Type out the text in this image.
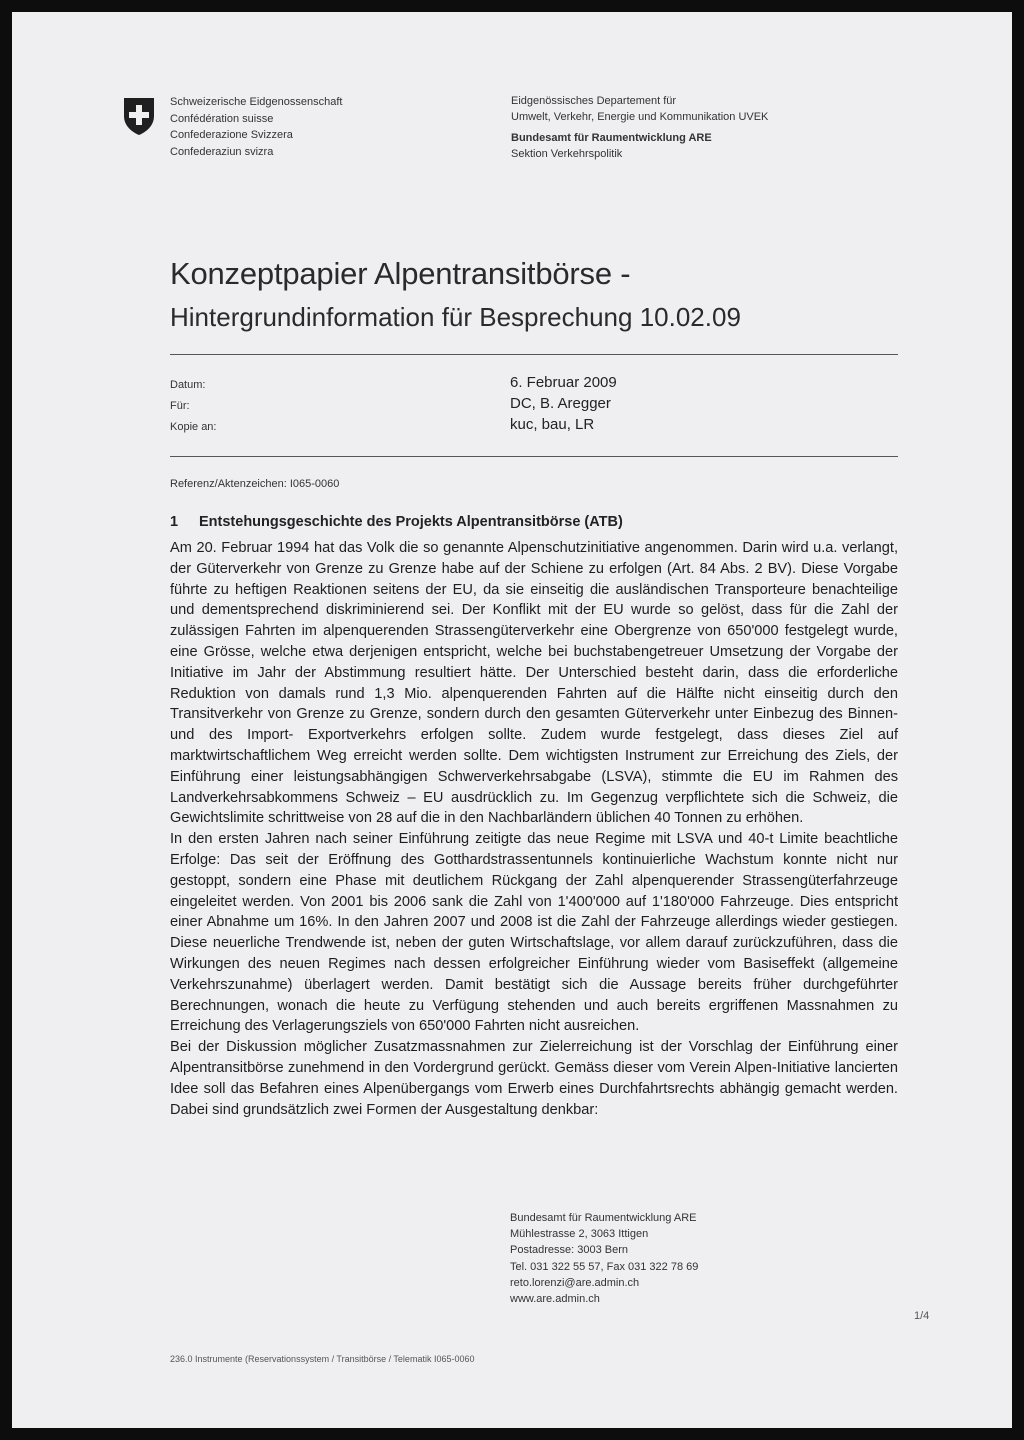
Schweizerische Eidgenossenschaft
Confédération suisse
Confederazione Svizzera
Confederaziun svizra
Eidgenössisches Departement für
Umwelt, Verkehr, Energie und Kommunikation UVEK
Bundesamt für Raumentwicklung ARE
Sektion Verkehrspolitik
Konzeptpapier Alpentransitbörse -
Hintergrundinformation für Besprechung 10.02.09
Datum:	6. Februar 2009
Für:	DC, B. Aregger
Kopie an:	kuc, bau, LR
Referenz/Aktenzeichen: I065-0060
1 Entstehungsgeschichte des Projekts Alpentransitbörse (ATB)

Am 20. Februar 1994 hat das Volk die so genannte Alpenschutzinitiative angenommen. Darin wird u.a. verlangt, der Güterverkehr von Grenze zu Grenze habe auf der Schiene zu erfolgen (Art. 84 Abs. 2 BV). Diese Vorgabe führte zu heftigen Reaktionen seitens der EU, da sie einseitig die ausländischen Transporteure benachteilige und dementsprechend diskriminierend sei. Der Konflikt mit der EU wurde so gelöst, dass für die Zahl der zulässigen Fahrten im alpenquerenden Strassengüterverkehr eine Obergrenze von 650'000 festgelegt wurde, eine Grösse, welche etwa derjenigen entspricht, welche bei buchstabengetreuer Umsetzung der Vorgabe der Initiative im Jahr der Abstimmung resultiert hätte. Der Unterschied besteht darin, dass die erforderliche Reduktion von damals rund 1,3 Mio. alpenquerenden Fahrten auf die Hälfte nicht einseitig durch den Transitverkehr von Grenze zu Grenze, sondern durch den gesamten Güterverkehr unter Einbezug des Binnen- und des Import- Exportverkehrs erfolgen sollte. Zudem wurde festgelegt, dass dieses Ziel auf marktwirtschaftlichem Weg erreicht werden sollte. Dem wichtigsten Instrument zur Erreichung des Ziels, der Einführung einer leistungsabhängigen Schwerverkehrsabgabe (LSVA), stimmte die EU im Rahmen des Landverkehrsabkommens Schweiz – EU ausdrücklich zu. Im Gegenzug verpflichtete sich die Schweiz, die Gewichtslimite schrittweise von 28 auf die in den Nachbarländern üblichen 40 Tonnen zu erhöhen.

In den ersten Jahren nach seiner Einführung zeitigte das neue Regime mit LSVA und 40-t Limite beachtliche Erfolge: Das seit der Eröffnung des Gotthardstrassentunnels kontinuierliche Wachstum konnte nicht nur gestoppt, sondern eine Phase mit deutlichem Rückgang der Zahl alpenquerender Strassengüterfahrzeuge eingeleitet werden. Von 2001 bis 2006 sank die Zahl von 1'400'000 auf 1'180'000 Fahrzeuge. Dies entspricht einer Abnahme um 16%. In den Jahren 2007 und 2008 ist die Zahl der Fahrzeuge allerdings wieder gestiegen. Diese neuerliche Trendwende ist, neben der guten Wirtschaftslage, vor allem darauf zurückzuführen, dass die Wirkungen des neuen Regimes nach dessen erfolgreicher Einführung wieder vom Basiseffekt (allgemeine Verkehrszunahme) überlagert werden. Damit bestätigt sich die Aussage bereits früher durchgeführter Berechnungen, wonach die heute zu Verfügung stehenden und auch bereits ergriffenen Massnahmen zu Erreichung des Verlagerungsziels von 650'000 Fahrten nicht ausreichen.

Bei der Diskussion möglicher Zusatzmassnahmen zur Zielerreichung ist der Vorschlag der Einführung einer Alpentransitbörse zunehmend in den Vordergrund gerückt. Gemäss dieser vom Verein Alpen-Initiative lancierten Idee soll das Befahren eines Alpenübergangs vom Erwerb eines Durchfahrtsrechts abhängig gemacht werden. Dabei sind grundsätzlich zwei Formen der Ausgestaltung denkbar:

Bundesamt für Raumentwicklung ARE
Mühlestrasse 2, 3063 Ittigen
Postadresse: 3003 Bern
Tel. 031 322 55 57, Fax 031 322 78 69
reto.lorenzi@are.admin.ch
www.are.admin.ch
1/4
236.0 Instrumente (Reservationssystem / Transitbörse / Telematik I065-0060
